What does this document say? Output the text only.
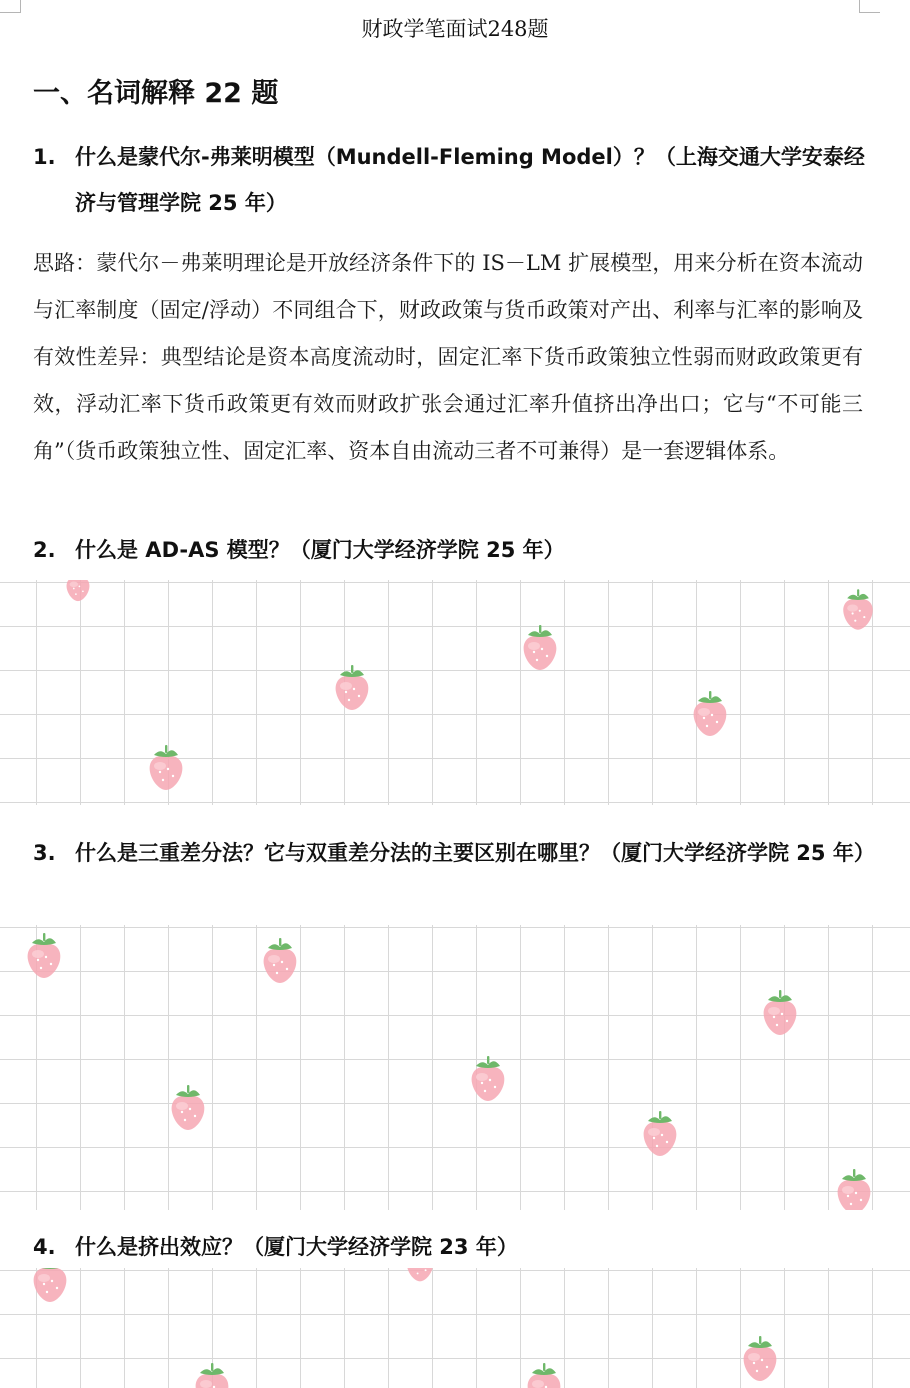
财政学笔面试248题
一、名词解释 22 题
1. 什么是蒙代尔-弗莱明模型（Mundell-Fleming Model）？（上海交通大学安泰经济与管理学院 25 年）
思路：蒙代尔－弗莱明理论是开放经济条件下的 IS－LM 扩展模型，用来分析在资本流动与汇率制度（固定/浮动）不同组合下，财政政策与货币政策对产出、利率与汇率的影响及有效性差异：典型结论是资本高度流动时，固定汇率下货币政策独立性弱而财政政策更有效，浮动汇率下货币政策更有效而财政扩张会通过汇率升值挤出净出口；它与“不可能三角”（货币政策独立性、固定汇率、资本自由流动三者不可兼得）是一套逻辑体系。
2. 什么是 AD-AS 模型？（厦门大学经济学院 25 年）
3. 什么是三重差分法？它与双重差分法的主要区别在哪里？（厦门大学经济学院 25 年）
4. 什么是挤出效应？（厦门大学经济学院 23 年）
